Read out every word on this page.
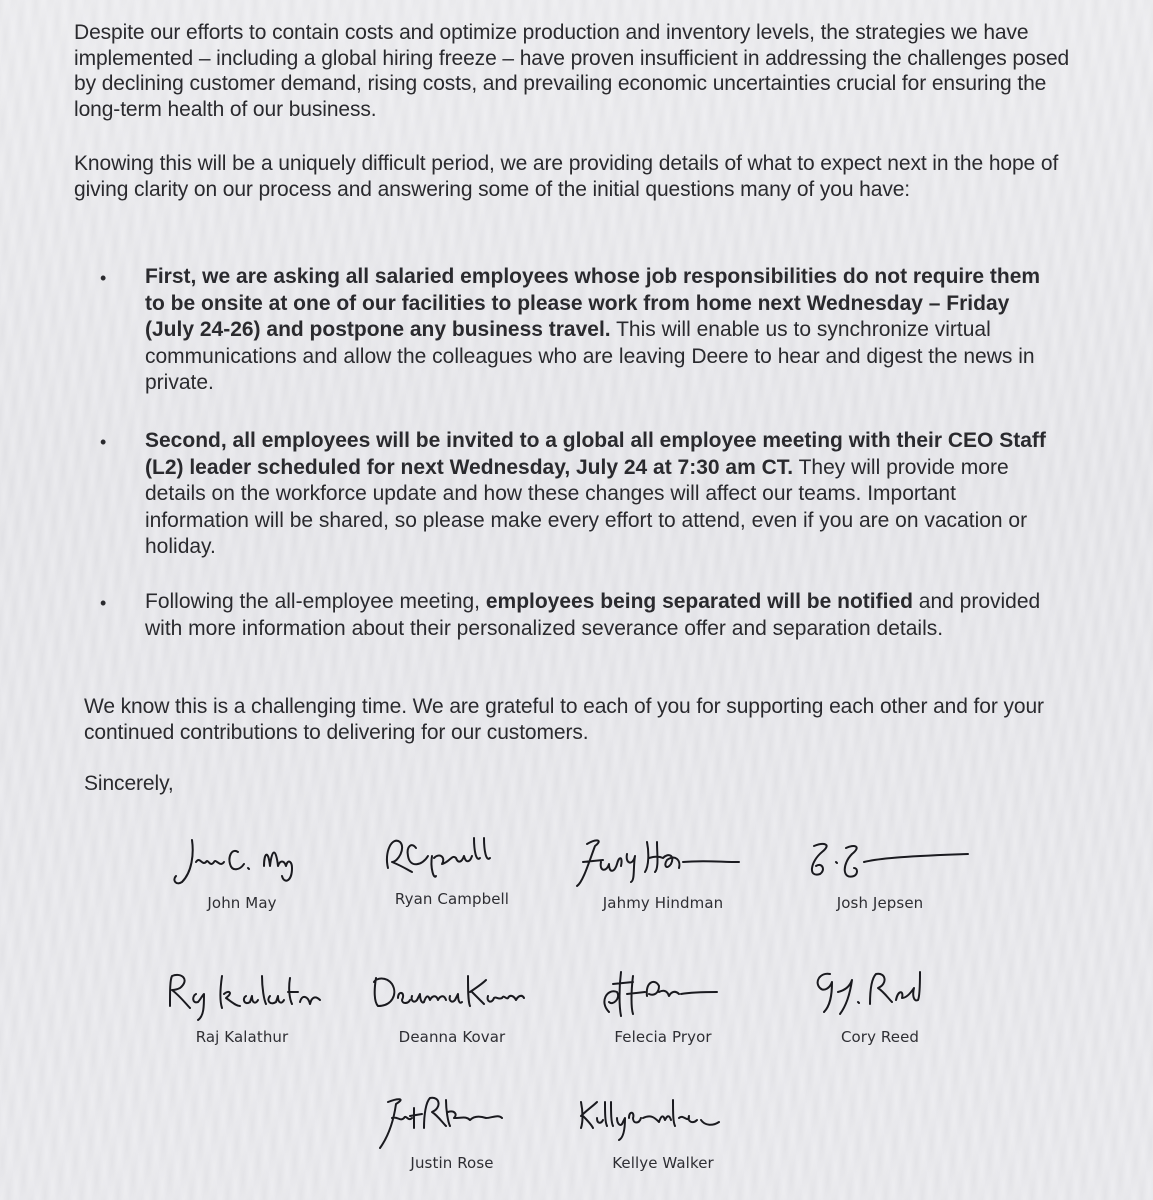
Despite our efforts to contain costs and optimize production and inventory levels, the strategies we have implemented – including a global hiring freeze – have proven insufficient in addressing the challenges posed by declining customer demand, rising costs, and prevailing economic uncertainties crucial for ensuring the long-term health of our business.

Knowing this will be a uniquely difficult period, we are providing details of what to expect next in the hope of giving clarity on our process and answering some of the initial questions many of you have:

• First, we are asking all salaried employees whose job responsibilities do not require them to be onsite at one of our facilities to please work from home next Wednesday – Friday (July 24-26) and postpone any business travel. This will enable us to synchronize virtual communications and allow the colleagues who are leaving Deere to hear and digest the news in private.
• Second, all employees will be invited to a global all employee meeting with their CEO Staff (L2) leader scheduled for next Wednesday, July 24 at 7:30 am CT. They will provide more details on the workforce update and how these changes will affect our teams. Important information will be shared, so please make every effort to attend, even if you are on vacation or holiday.
• Following the all-employee meeting, employees being separated will be notified and provided with more information about their personalized severance offer and separation details.

We know this is a challenging time. We are grateful to each of you for supporting each other and for your continued contributions to delivering for our customers.

Sincerely,

John May	Ryan Campbell	Jahmy Hindman	Josh Jepsen
Raj Kalathur	Deanna Kovar	Felecia Pryor	Cory Reed
Justin Rose	Kellye Walker
